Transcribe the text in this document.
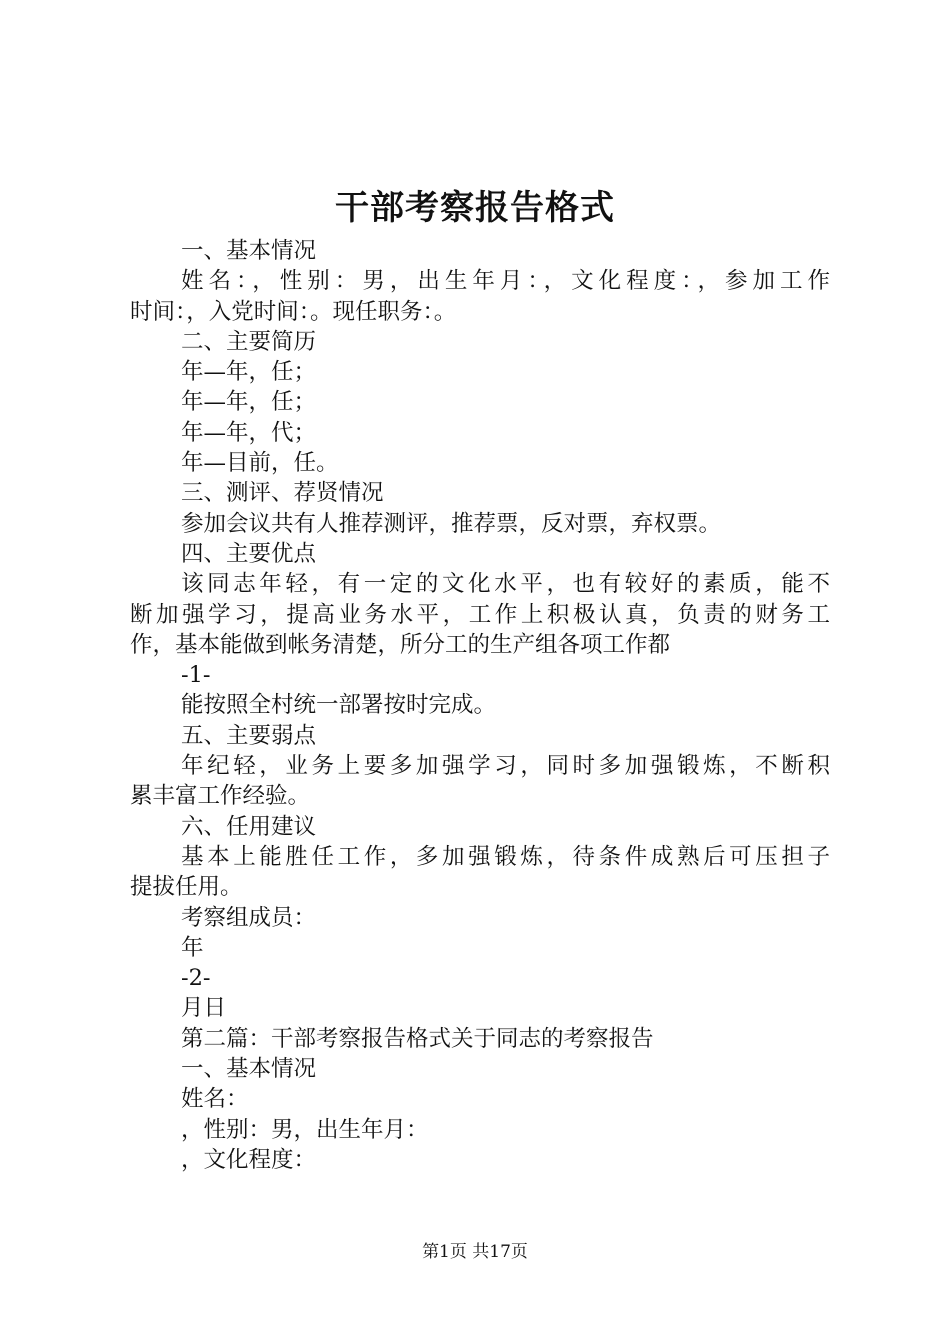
干部考察报告格式
一、基本情况
姓名：，性别：男，出生年月：，文化程度：，参加工作
时间：，入党时间：。现任职务：。
二、主要简历
年—年，任；
年—年，任；
年—年，代；
年—目前，任。
三、测评、荐贤情况
参加会议共有人推荐测评，推荐票，反对票，弃权票。
四、主要优点
该同志年轻，有一定的文化水平，也有较好的素质，能不
断加强学习，提高业务水平，工作上积极认真，负责的财务工
作，基本能做到帐务清楚，所分工的生产组各项工作都
-1-
能按照全村统一部署按时完成。
五、主要弱点
年纪轻，业务上要多加强学习，同时多加强锻炼，不断积
累丰富工作经验。
六、任用建议
基本上能胜任工作，多加强锻炼，待条件成熟后可压担子
提拔任用。
考察组成员：
年
-2-
月日
第二篇：干部考察报告格式关于同志的考察报告
一、基本情况
姓名：
，性别：男，出生年月：
，文化程度：
第1页 共17页
